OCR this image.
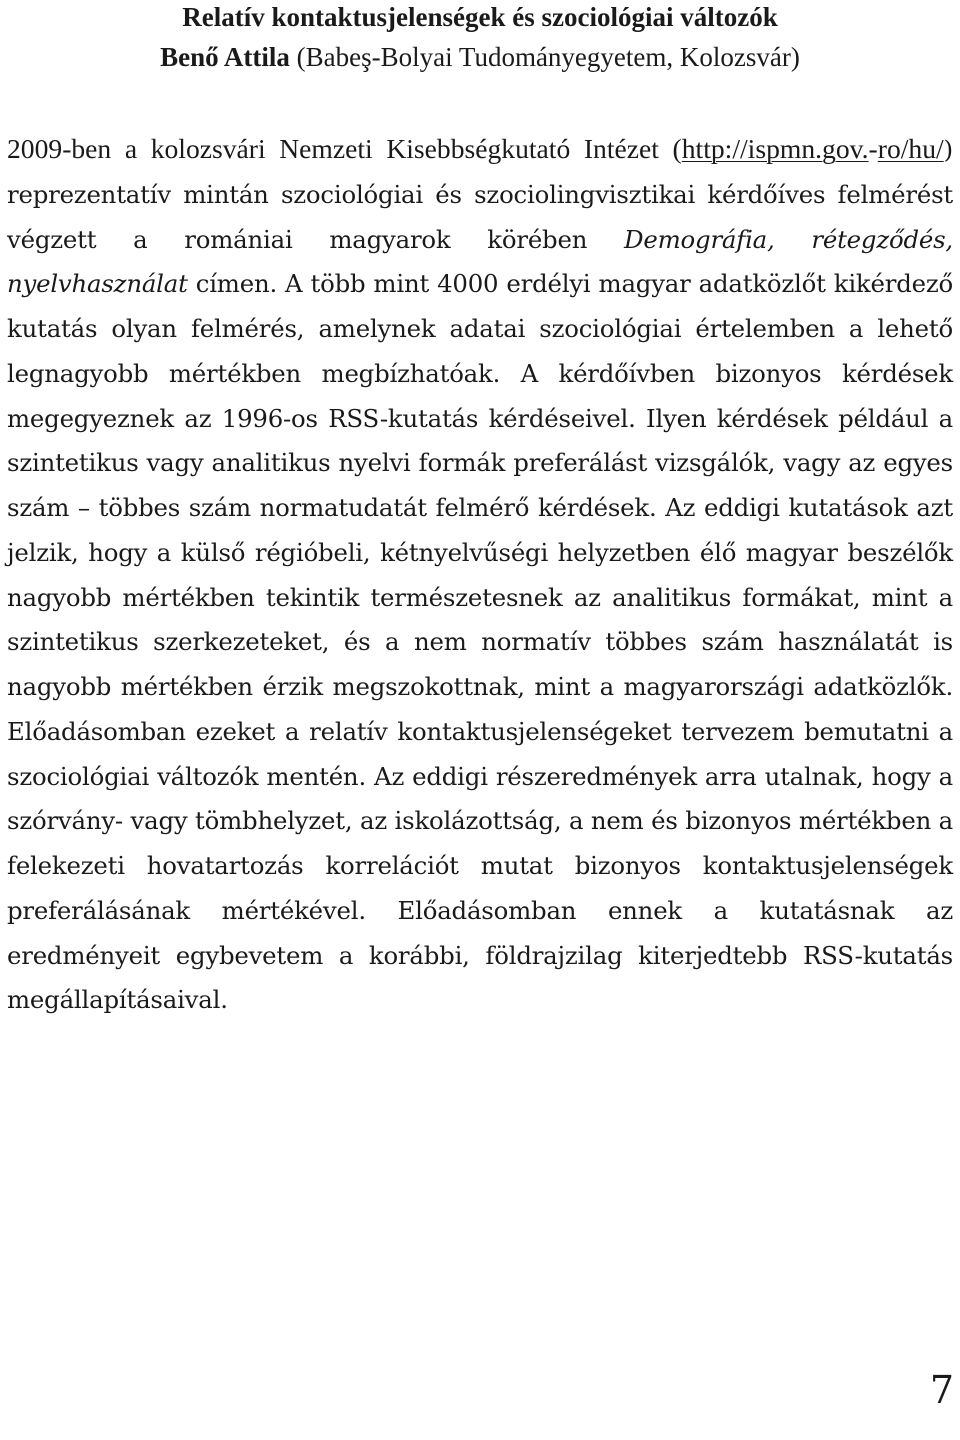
Relatív kontaktusjelenségek és szociológiai változók
Benő Attila (Babeş-Bolyai Tudományegyetem, Kolozsvár)

2009-ben a kolozsvári Nemzeti Kisebbségkutató Intézet (http://ispmn.gov.‑ro/hu/) reprezentatív mintán szociológiai és szociolingvisztikai kérdőíves felmérést végzett a romániai magyarok körében Demográfia, rétegződés, nyelvhasználat címen. A több mint 4000 erdélyi magyar adatközlőt kikérdező kutatás olyan felmérés, amelynek adatai szociológiai értelemben a lehető legnagyobb mértékben megbízhatóak. A kérdőívben bizonyos kérdések megegyeznek az 1996-os RSS-kutatás kérdéseivel. Ilyen kérdések például a szintetikus vagy analitikus nyelvi formák preferálást vizsgálók, vagy az egyes szám – többes szám normatudatát felmérő kérdések. Az eddigi kutatások azt jelzik, hogy a külső régióbeli, kétnyelvűségi helyzetben élő magyar beszélők nagyobb mértékben tekintik természetesnek az analitikus formákat, mint a szintetikus szerkezeteket, és a nem normatív többes szám használatát is nagyobb mértékben érzik megszokottnak, mint a magyarországi adatközlők. Előadásomban ezeket a relatív kontaktusjelenségeket tervezem bemutatni a szociológiai változók mentén. Az eddigi részeredmények arra utalnak, hogy a szórvány- vagy tömbhelyzet, az iskolázottság, a nem és bizonyos mértékben a felekezeti hovatartozás korrelációt mutat bizonyos kontaktusjelenségek preferálásának mértékével. Előadásomban ennek a kutatásnak az eredményeit egybevetem a korábbi, földrajzilag kiterjedtebb RSS-kutatás megállapításaival.

7
